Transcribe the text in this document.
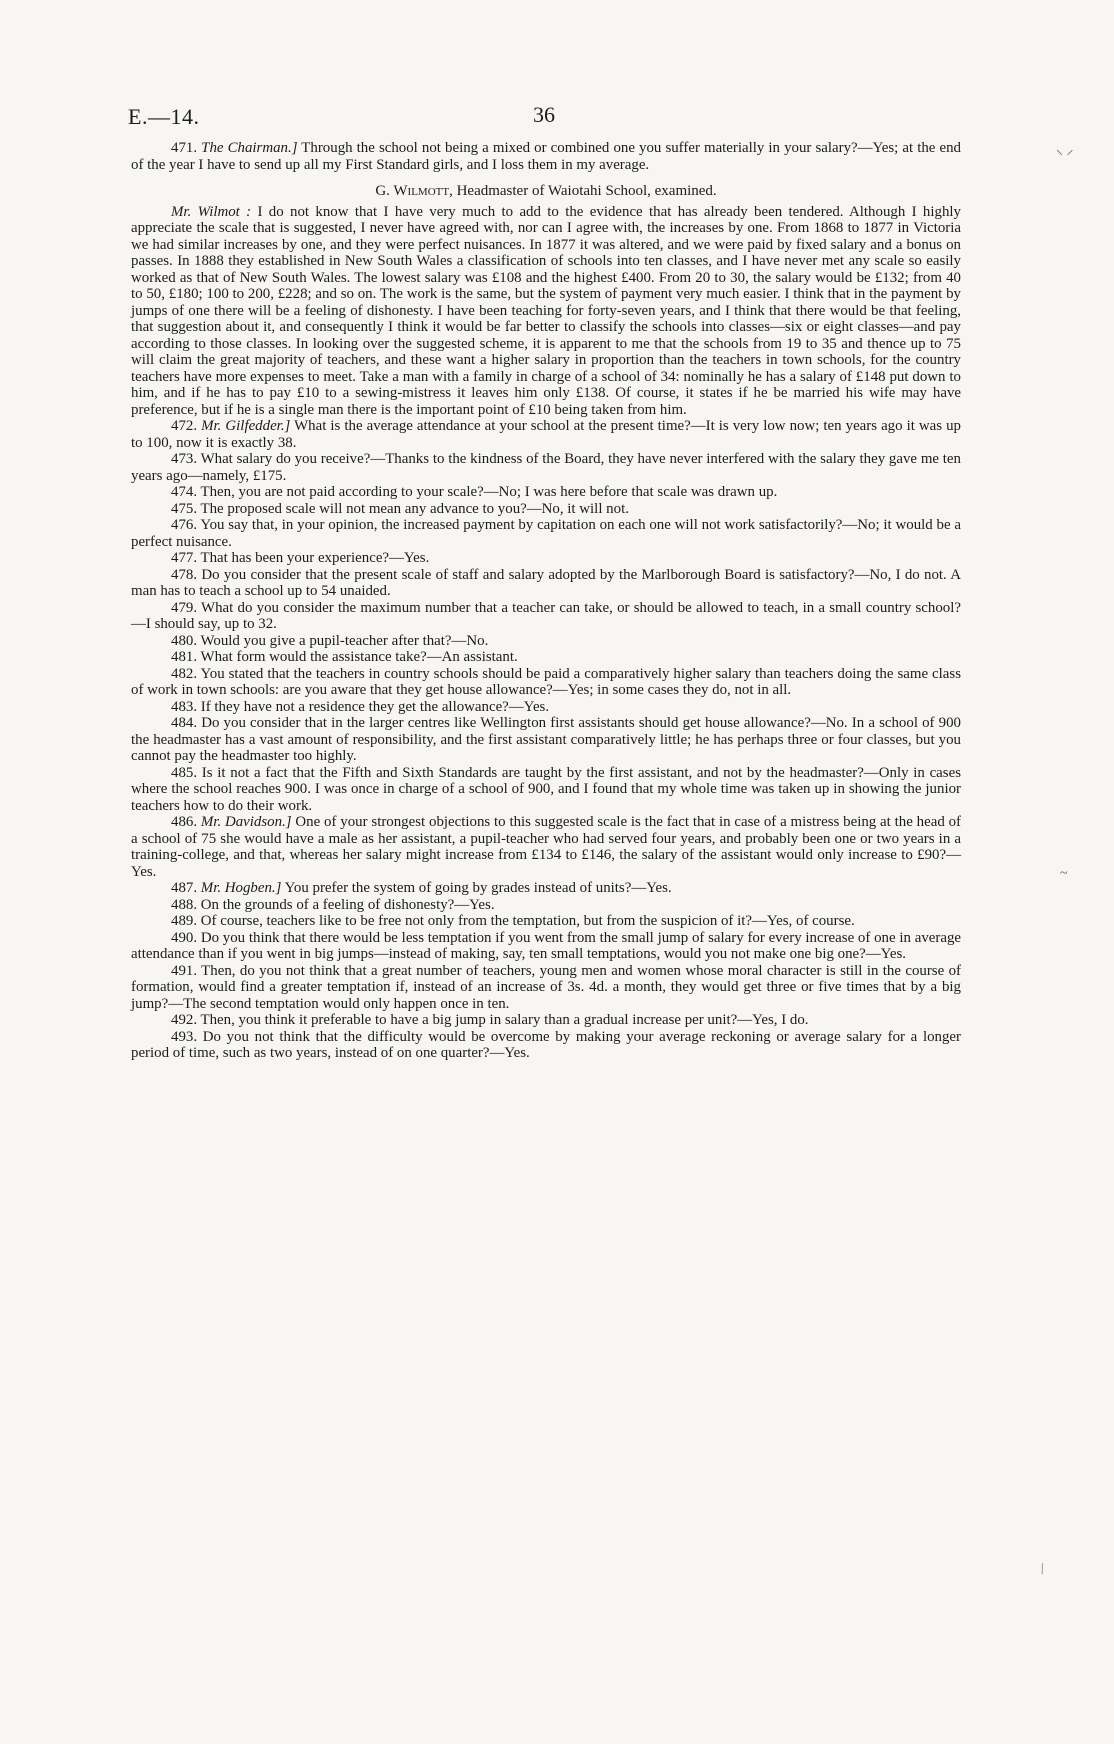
E.—14.	36

471. The Chairman.] Through the school not being a mixed or combined one you suffer materially in your salary?—Yes; at the end of the year I have to send up all my First Standard girls, and I loss them in my average.

G. Wilmott, Headmaster of Waiotahi School, examined.

Mr. Wilmot : I do not know that I have very much to add to the evidence that has already been tendered. Although I highly appreciate the scale that is suggested, I never have agreed with, nor can I agree with, the increases by one. From 1868 to 1877 in Victoria we had similar increases by one, and they were perfect nuisances. In 1877 it was altered, and we were paid by fixed salary and a bonus on passes. In 1888 they established in New South Wales a classification of schools into ten classes, and I have never met any scale so easily worked as that of New South Wales. The lowest salary was £108 and the highest £400. From 20 to 30, the salary would be £132; from 40 to 50, £180; 100 to 200, £228; and so on. The work is the same, but the system of payment very much easier. I think that in the payment by jumps of one there will be a feeling of dishonesty. I have been teaching for forty-seven years, and I think that there would be that feeling, that suggestion about it, and consequently I think it would be far better to classify the schools into classes—six or eight classes—and pay according to those classes. In looking over the suggested scheme, it is apparent to me that the schools from 19 to 35 and thence up to 75 will claim the great majority of teachers, and these want a higher salary in proportion than the teachers in town schools, for the country teachers have more expenses to meet. Take a man with a family in charge of a school of 34: nominally he has a salary of £148 put down to him, and if he has to pay £10 to a sewing-mistress it leaves him only £138. Of course, it states if he be married his wife may have preference, but if he is a single man there is the important point of £10 being taken from him.

472. Mr. Gilfedder.] What is the average attendance at your school at the present time?—It is very low now; ten years ago it was up to 100, now it is exactly 38.

473. What salary do you receive?—Thanks to the kindness of the Board, they have never interfered with the salary they gave me ten years ago—namely, £175.

474. Then, you are not paid according to your scale?—No; I was here before that scale was drawn up.

475. The proposed scale will not mean any advance to you?—No, it will not.

476. You say that, in your opinion, the increased payment by capitation on each one will not work satisfactorily?—No; it would be a perfect nuisance.

477. That has been your experience?—Yes.

478. Do you consider that the present scale of staff and salary adopted by the Marlborough Board is satisfactory?—No, I do not. A man has to teach a school up to 54 unaided.

479. What do you consider the maximum number that a teacher can take, or should be allowed to teach, in a small country school?—I should say, up to 32.

480. Would you give a pupil-teacher after that?—No.

481. What form would the assistance take?—An assistant.

482. You stated that the teachers in country schools should be paid a comparatively higher salary than teachers doing the same class of work in town schools: are you aware that they get house allowance?—Yes; in some cases they do, not in all.

483. If they have not a residence they get the allowance?—Yes.

484. Do you consider that in the larger centres like Wellington first assistants should get house allowance?—No. In a school of 900 the headmaster has a vast amount of responsibility, and the first assistant comparatively little; he has perhaps three or four classes, but you cannot pay the headmaster too highly.

485. Is it not a fact that the Fifth and Sixth Standards are taught by the first assistant, and not by the headmaster?—Only in cases where the school reaches 900. I was once in charge of a school of 900, and I found that my whole time was taken up in showing the junior teachers how to do their work.

486. Mr. Davidson.] One of your strongest objections to this suggested scale is the fact that in case of a mistress being at the head of a school of 75 she would have a male as her assistant, a pupil-teacher who had served four years, and probably been one or two years in a training-college, and that, whereas her salary might increase from £134 to £146, the salary of the assistant would only increase to £90?—Yes.

487. Mr. Hogben.] You prefer the system of going by grades instead of units?—Yes.

488. On the grounds of a feeling of dishonesty?—Yes.

489. Of course, teachers like to be free not only from the temptation, but from the suspicion of it?—Yes, of course.

490. Do you think that there would be less temptation if you went from the small jump of salary for every increase of one in average attendance than if you went in big jumps—instead of making, say, ten small temptations, would you not make one big one?—Yes.

491. Then, do you not think that a great number of teachers, young men and women whose moral character is still in the course of formation, would find a greater temptation if, instead of an increase of 3s. 4d. a month, they would get three or five times that by a big jump?—The second temptation would only happen once in ten.

492. Then, you think it preferable to have a big jump in salary than a gradual increase per unit?—Yes, I do.

493. Do you not think that the difficulty would be overcome by making your average reckoning or average salary for a longer period of time, such as two years, instead of on one quarter?—Yes.

⸜ ⸝
~
⁄
